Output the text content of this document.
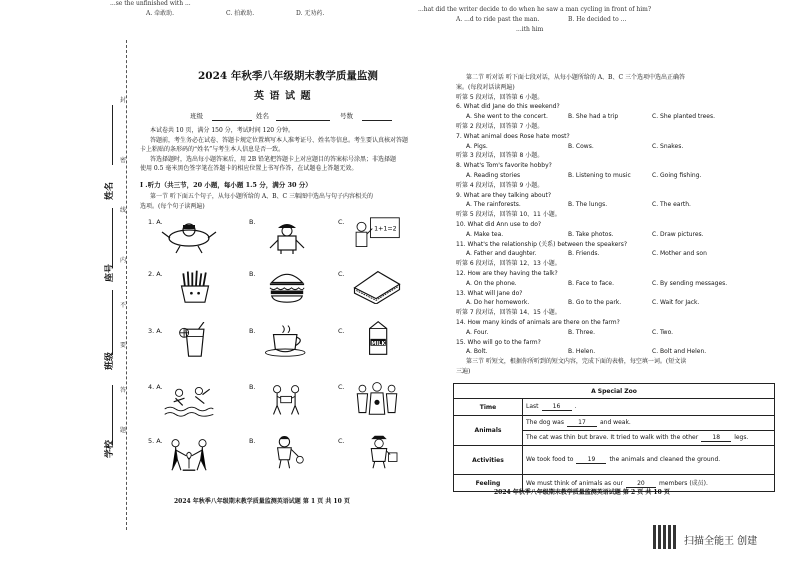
...se the unfinished with ...
A. 牵敢助.	C. 拍敢助.	D. 无劝药.
...hat did the writer decide to do when he saw a man cycling in front of him?
A. ...d to ride past the man.	B. He decided to ...
...ith him
封
密
线
内
不
要
答
题
姓名
座号
班级
学校
2024 年秋季八年级期末教学质量监测
英 语 试 题
班级	姓名	号数
本试卷共 10 页，满分 150 分，考试时间 120 分钟。
答题前，考生务必在试卷、答题卡规定位置填写本人准考证号、姓名等信息。考生要认真核对答题
卡上粘贴的条形码的“姓名”与考生本人信息是否一致。
答选择题时，选出每小题答案后，用 2B 铅笔把答题卡上对应题目的答案标号涂黑；非选择题
使用 0.5 毫米黑色签字笔在答题卡的相应位置上书写作答，在试题卷上答题无效。
I .听力（共三节，20 小题，每小题 1.5 分，满分 30 分）
第一节 听下面五个句子，从每小题所给的 A、B、C 三幅图中选出与句子内容相关的
选项。(每个句子读两遍)
1. A.	B.	C.
1+1=2
2. A.	B.	C.
3. A.	B.	C.
MILK
4. A.	B.	C.
5. A.	B.	C.
2024 年秋季八年级期末教学质量监测英语试题 第 1 页 共 10 页
第二节 听对话 听下面七段对话，从每小题所给的 A、B、C 三个选项中选出正确答
案。(每段对话读两遍)
听第 5 段对话，回答第 6 小题。
6. What did Jane do this weekend?
A. She went to the concert.	B. She had a trip	C. She planted trees.
听第 2 段对话，回答第 7 小题。
7. What animal does Rose hate most?
A. Pigs.	B. Cows.	C. Snakes.
听第 3 段对话，回答第 8 小题。
8. What's Tom's favorite hobby?
A. Reading stories	B. Listening to music	C. Going fishing.
听第 4 段对话，回答第 9 小题。
9. What are they talking about?
A. The rainforests.	B. The lungs.	C. The earth.
听第 5 段对话，回答第 10、11 小题。
10. What did Ann use to do?
A. Make tea.	B. Take photos.	C. Draw pictures.
11. What's the relationship (关系) between the speakers?
A. Father and daughter.	B. Friends.	C. Mother and son
听第 6 段对话，回答第 12、13 小题。
12. How are they having the talk?
A. On the phone.	B. Face to face.	C. By sending messages.
13. What will Jane do?
A. Do her homework.	B. Go to the park.	C. Wait for Jack.
听第 7 段对话，回答第 14、15 小题。
14. How many kinds of animals are there on the farm?
A. Four.	B. Three.	C. Two.
15. Who will go to the farm?
A. Bolt.	B. Helen.	C. Bolt and Helen.
第三节 听短文，根据你所听到的短文内容，完成下面的表格，每空填一词。(短文读
三遍)
A Special Zoo	
Time	Last 16 .
Animals	The dog was 17 and weak.
	The cat was thin but brave. It tried to walk with the other 18 legs.
Activities	We took food to 19 the animals and cleaned the ground.
Feeling	We must think of animals as our 20 members (成员).
2024 年秋季八年级期末教学质量监测英语试题 第 2 页 共 10 页
扫描全能王 创建
